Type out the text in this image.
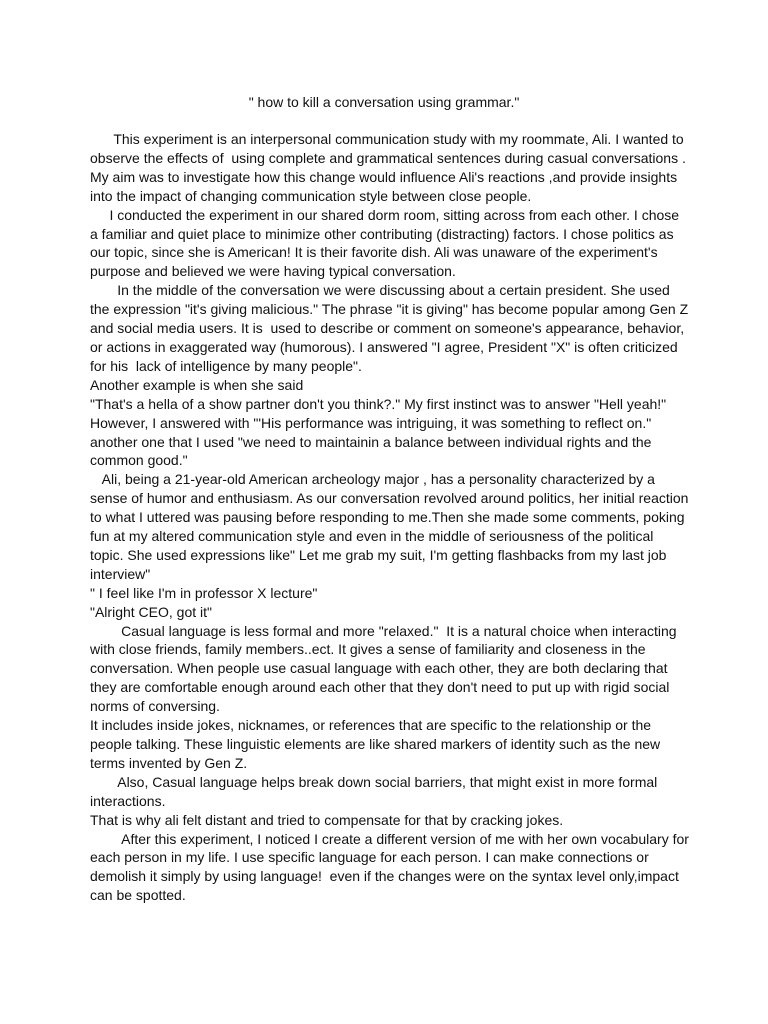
" how to kill a conversation using grammar."

This experiment is an interpersonal communication study with my roommate, Ali. I wanted to observe the effects of  using complete and grammatical sentences during casual conversations . My aim was to investigate how this change would influence Ali's reactions ,and provide insights into the impact of changing communication style between close people.

I conducted the experiment in our shared dorm room, sitting across from each other. I chose a familiar and quiet place to minimize other contributing (distracting) factors. I chose politics as our topic, since she is American! It is their favorite dish. Ali was unaware of the experiment's purpose and believed we were having typical conversation.

In the middle of the conversation we were discussing about a certain president. She used the expression "it's giving malicious." The phrase "it is giving" has become popular among Gen Z and social media users. It is  used to describe or comment on someone's appearance, behavior, or actions in exaggerated way (humorous). I answered "I agree, President "X" is often criticized for his  lack of intelligence by many people".

Another example is when she said

"That's a hella of a show partner don't you think?." My first instinct was to answer "Hell yeah!" However, I answered with "'His performance was intriguing, it was something to reflect on." another one that I used "we need to maintainin a balance between individual rights and the common good."

Ali, being a 21-year-old American archeology major , has a personality characterized by a sense of humor and enthusiasm. As our conversation revolved around politics, her initial reaction to what I uttered was pausing before responding to me.Then she made some comments, poking fun at my altered communication style and even in the middle of seriousness of the political topic. She used expressions like" Let me grab my suit, I'm getting flashbacks from my last job interview"

" I feel like I'm in professor X lecture"

"Alright CEO, got it"

Casual language is less formal and more "relaxed."  It is a natural choice when interacting with close friends, family members..ect. It gives a sense of familiarity and closeness in the conversation. When people use casual language with each other, they are both declaring that they are comfortable enough around each other that they don't need to put up with rigid social norms of conversing.

It includes inside jokes, nicknames, or references that are specific to the relationship or the people talking. These linguistic elements are like shared markers of identity such as the new terms invented by Gen Z.

Also, Casual language helps break down social barriers, that might exist in more formal interactions.

That is why ali felt distant and tried to compensate for that by cracking jokes.

After this experiment, I noticed I create a different version of me with her own vocabulary for each person in my life. I use specific language for each person. I can make connections or demolish it simply by using language!  even if the changes were on the syntax level only,impact can be spotted.
